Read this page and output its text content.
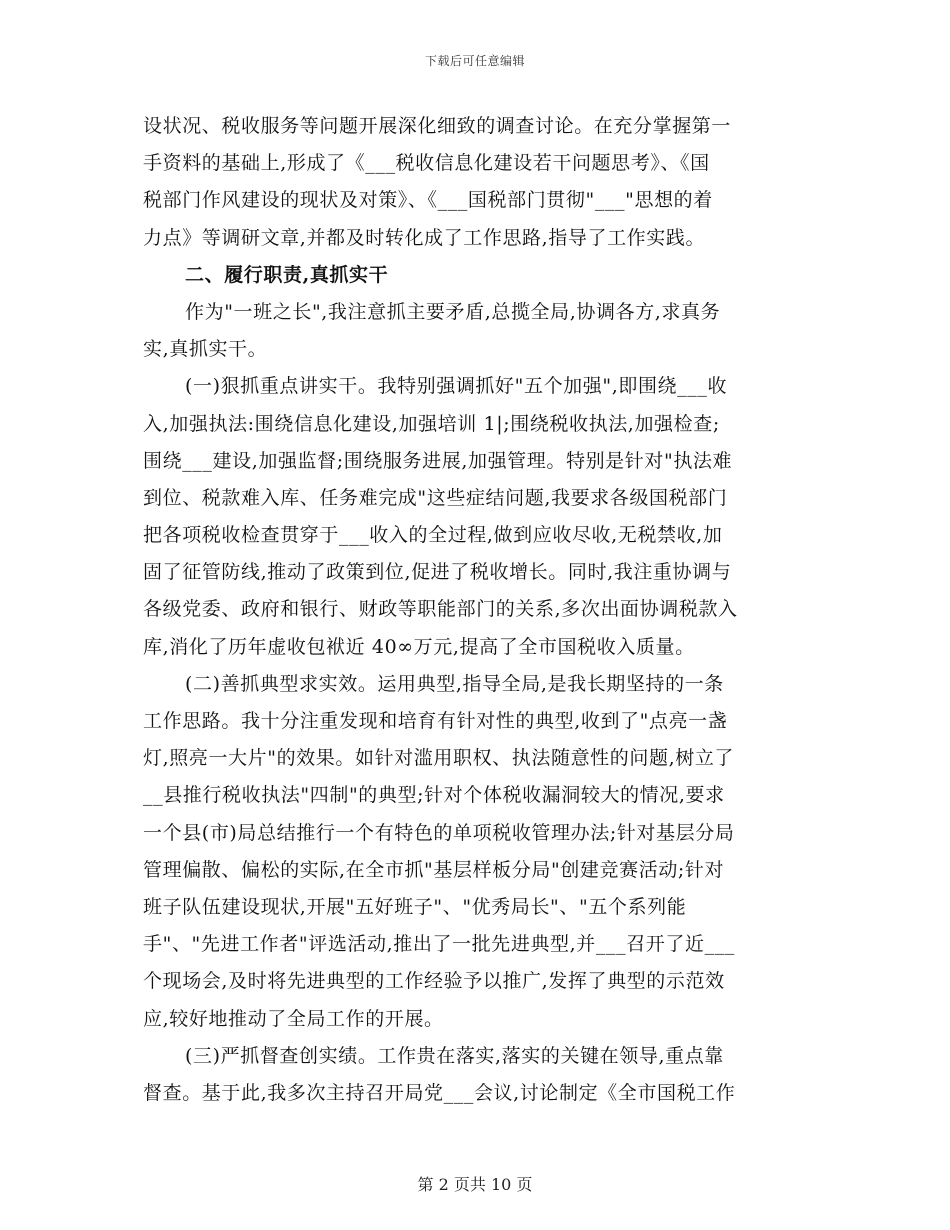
下载后可任意编辑
设状况、税收服务等问题开展深化细致的调查讨论。在充分掌握第一
手资料的基础上,形成了《___税收信息化建设若干问题思考》、《国
税部门作风建设的现状及对策》、《___国税部门贯彻"___"思想的着
力点》等调研文章,并都及时转化成了工作思路,指导了工作实践。
二、履行职责,真抓实干
作为"一班之长",我注意抓主要矛盾,总揽全局,协调各方,求真务
实,真抓实干。
(一)狠抓重点讲实干。我特别强调抓好"五个加强",即围绕___收
入,加强执法:围绕信息化建设,加强培训 1|;围绕税收执法,加强检查;
围绕___建设,加强监督;围绕服务进展,加强管理。特别是针对"执法难
到位、税款难入库、任务难完成"这些症结问题,我要求各级国税部门
把各项税收检查贯穿于___收入的全过程,做到应收尽收,无税禁收,加
固了征管防线,推动了政策到位,促进了税收增长。同时,我注重协调与
各级党委、政府和银行、财政等职能部门的关系,多次出面协调税款入
库,消化了历年虚收包袱近 40∞万元,提高了全市国税收入质量。
(二)善抓典型求实效。运用典型,指导全局,是我长期坚持的一条
工作思路。我十分注重发现和培育有针对性的典型,收到了"点亮一盏
灯,照亮一大片"的效果。如针对滥用职权、执法随意性的问题,树立了
__县推行税收执法"四制"的典型;针对个体税收漏洞较大的情况,要求
一个县(市)局总结推行一个有特色的单项税收管理办法;针对基层分局
管理偏散、偏松的实际,在全市抓"基层样板分局"创建竞赛活动;针对
班子队伍建设现状,开展"五好班子"、"优秀局长"、"五个系列能
手"、"先进工作者"评选活动,推出了一批先进典型,并___召开了近___
个现场会,及时将先进典型的工作经验予以推广,发挥了典型的示范效
应,较好地推动了全局工作的开展。
(三)严抓督查创实绩。工作贵在落实,落实的关键在领导,重点靠
督查。基于此,我多次主持召开局党___会议,讨论制定《全市国税工作
第 2 页共 10 页
